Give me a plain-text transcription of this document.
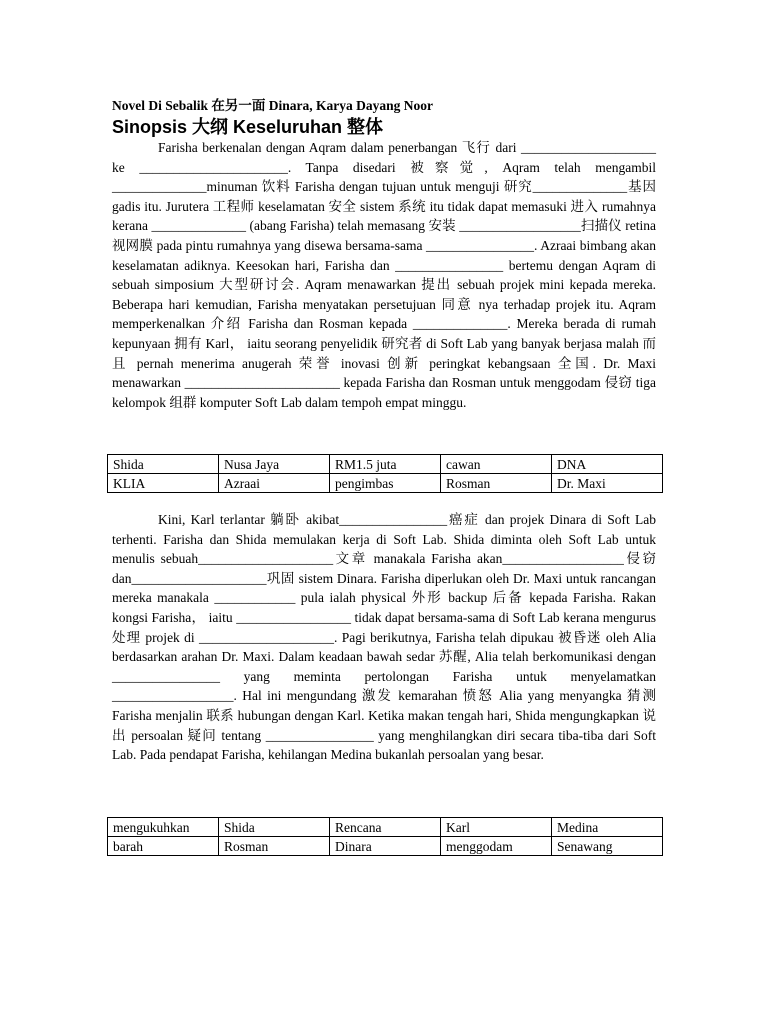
Novel Di Sebalik 在另一面 Dinara, Karya Dayang Noor
Sinopsis 大纲 Keseluruhan 整体

Farisha berkenalan dengan Aqram dalam penerbangan 飞行 dari ____________________ ke ______________________. Tanpa disedari 被察觉, Aqram telah mengambil ______________minuman 饮料 Farisha dengan tujuan untuk menguji 研究______________基因 gadis itu. Jurutera 工程师 keselamatan 安全 sistem 系统 itu tidak dapat memasuki 进入 rumahnya kerana ______________ (abang Farisha) telah memasang 安装 __________________扫描仪 retina 视网膜 pada pintu rumahnya yang disewa bersama-sama ________________. Azraai bimbang akan keselamatan adiknya. Keesokan hari, Farisha dan ________________ bertemu dengan Aqram di sebuah simposium 大型研讨会. Aqram menawarkan 提出 sebuah projek mini kepada mereka. Beberapa hari kemudian, Farisha menyatakan persetujuan 同意 nya terhadap projek itu. Aqram memperkenalkan 介绍 Farisha dan Rosman kepada ______________. Mereka berada di rumah kepunyaan 拥有 Karl， iaitu seorang penyelidik 研究者 di Soft Lab yang banyak berjasa malah 而且 pernah menerima anugerah 荣誉 inovasi 创新 peringkat kebangsaan 全国. Dr. Maxi menawarkan _______________________ kepada Farisha dan Rosman untuk menggodam 侵窃 tiga kelompok 组群 komputer Soft Lab dalam tempoh empat minggu.

Shida	Nusa Jaya	RM1.5 juta	cawan	DNA
KLIA	Azraai	pengimbas	Rosman	Dr. Maxi

Kini, Karl terlantar 躺卧 akibat________________癌症 dan projek Dinara di Soft Lab terhenti. Farisha dan Shida memulakan kerja di Soft Lab. Shida diminta oleh Soft Lab untuk menulis sebuah____________________文章 manakala Farisha akan__________________侵窃 dan____________________巩固 sistem Dinara. Farisha diperlukan oleh Dr. Maxi untuk rancangan mereka manakala ____________ pula ialah physical 外形 backup 后备 kepada Farisha. Rakan kongsi Farisha， iaitu _________________ tidak dapat bersama-sama di Soft Lab kerana mengurus 处理 projek di ____________________. Pagi berikutnya, Farisha telah dipukau 被昏迷 oleh Alia berdasarkan arahan Dr. Maxi. Dalam keadaan bawah sedar 苏醒, Alia telah berkomunikasi dengan ________________ yang meminta pertolongan Farisha untuk menyelamatkan __________________. Hal ini mengundang 激发 kemarahan 愤怒 Alia yang menyangka 猜测 Farisha menjalin 联系 hubungan dengan Karl. Ketika makan tengah hari, Shida mengungkapkan 说出 persoalan 疑问 tentang ________________ yang menghilangkan diri secara tiba-tiba dari Soft Lab. Pada pendapat Farisha, kehilangan Medina bukanlah persoalan yang besar.

mengukuhkan	Shida	Rencana	Karl	Medina
barah	Rosman	Dinara	menggodam	Senawang
